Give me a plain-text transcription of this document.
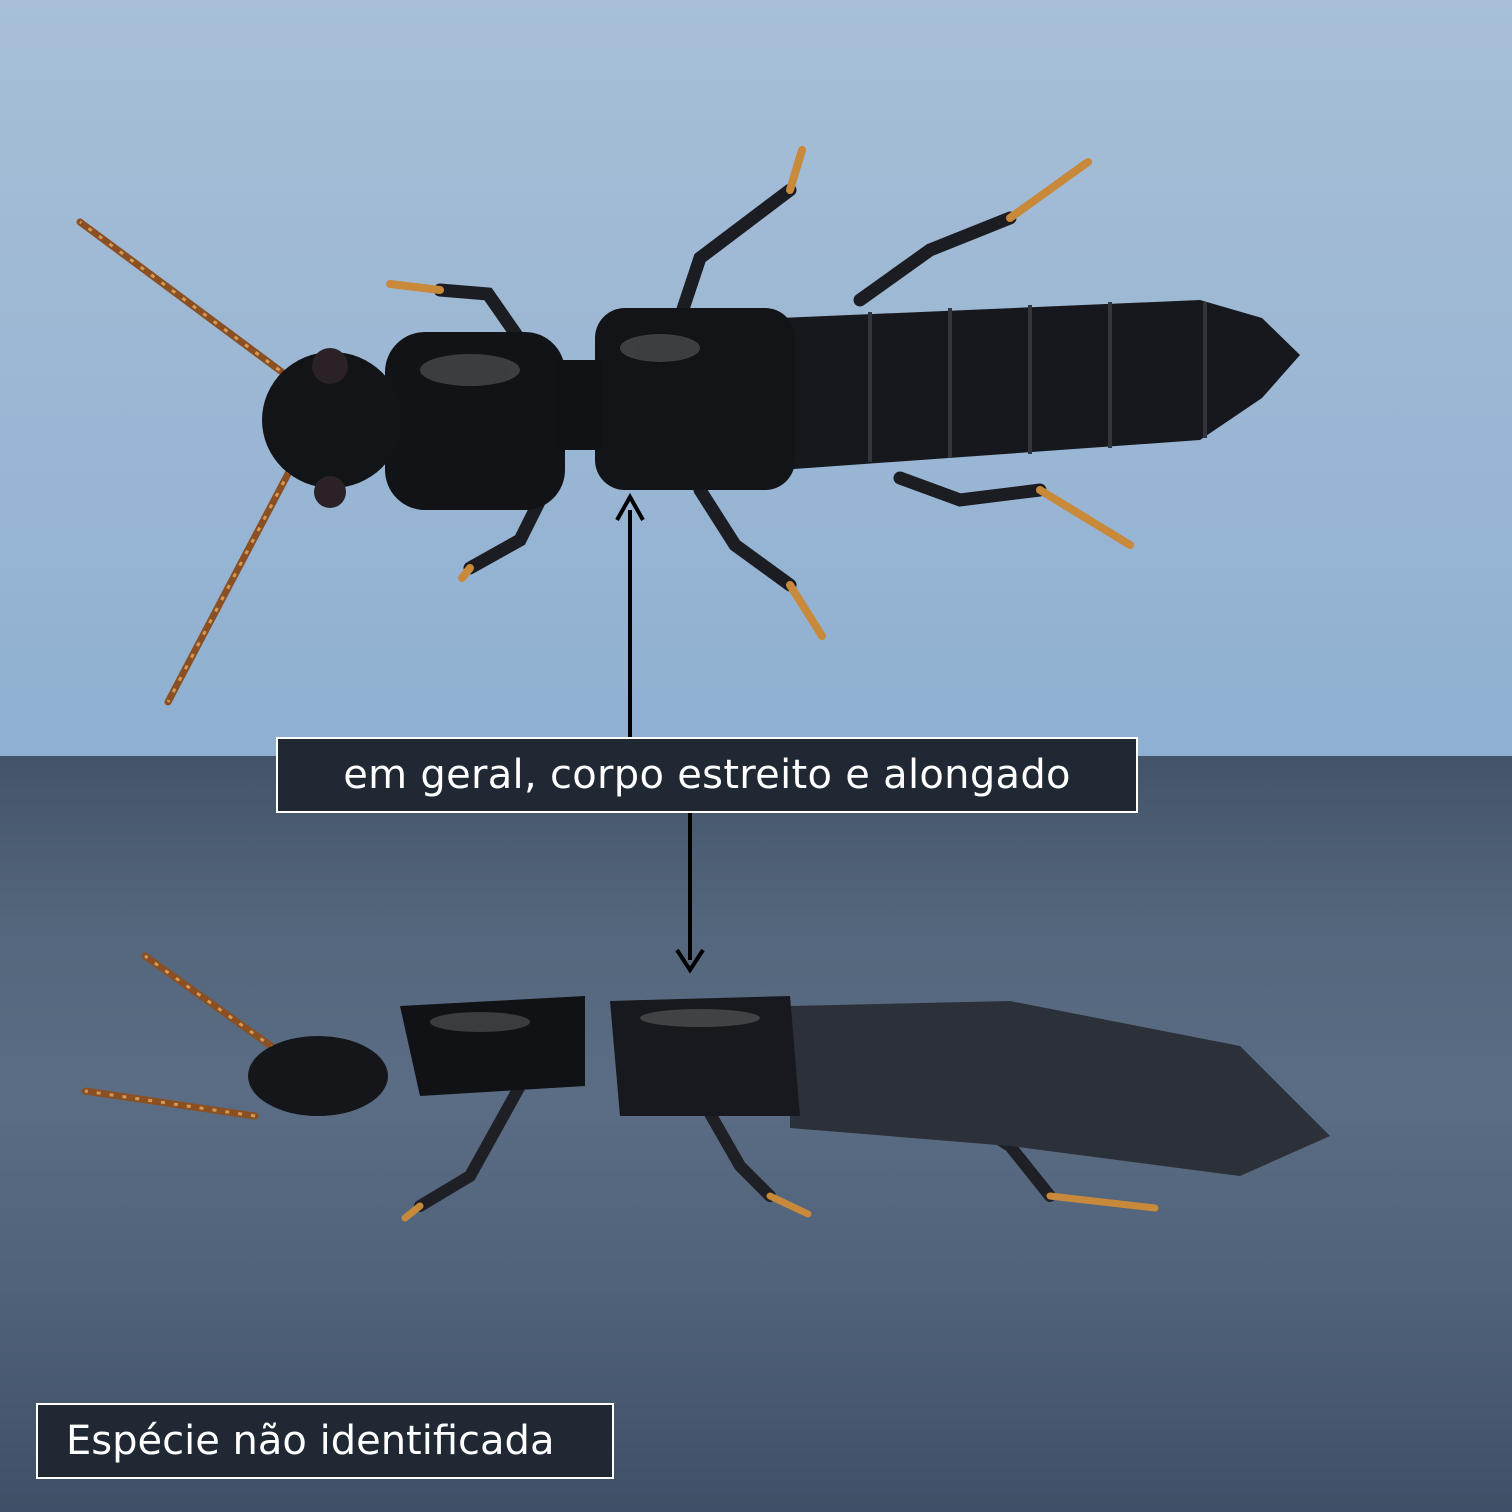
em geral, corpo estreito e alongado
Espécie não identificada
